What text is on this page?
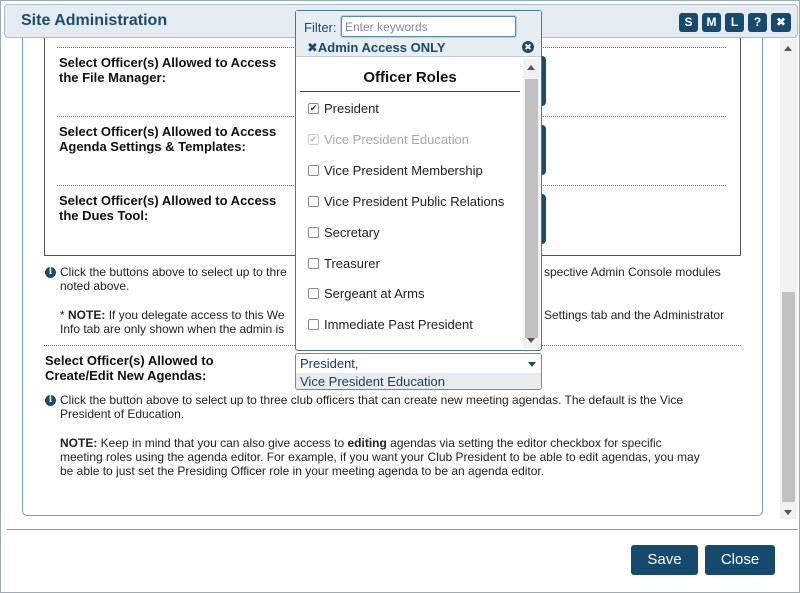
Site Administration	S	M	L	?	✖
Select Officer(s) Allowed to Access
the File Manager:
Select Officer(s) Allowed to Access
Agenda Settings & Templates:
Select Officer(s) Allowed to Access
the Dues Tool:
i Click the buttons above to select up to thre	spective Admin Console modules
noted above.
* NOTE: If you delegate access to this We	Settings tab and the Administrator
Info tab are only shown when the admin is
Select Officer(s) Allowed to
Create/Edit New Agendas:
President,
Vice President Education
i Click the button above to select up to three club officers that can create new meeting agendas. The default is the Vice
President of Education.
NOTE: Keep in mind that you can also give access to editing agendas via setting the editor checkbox for specific
meeting roles using the agenda editor. For example, if you want your Club President to be able to edit agendas, you may
be able to just set the Presiding Officer role in your meeting agenda to be an agenda editor.
Save	Close
Filter:
Enter keywords
✖Admin Access ONLY	✖
Officer Roles
✔ President
✔ Vice President Education
Vice President Membership
Vice President Public Relations
Secretary
Treasurer
Sergeant at Arms
Immediate Past President
